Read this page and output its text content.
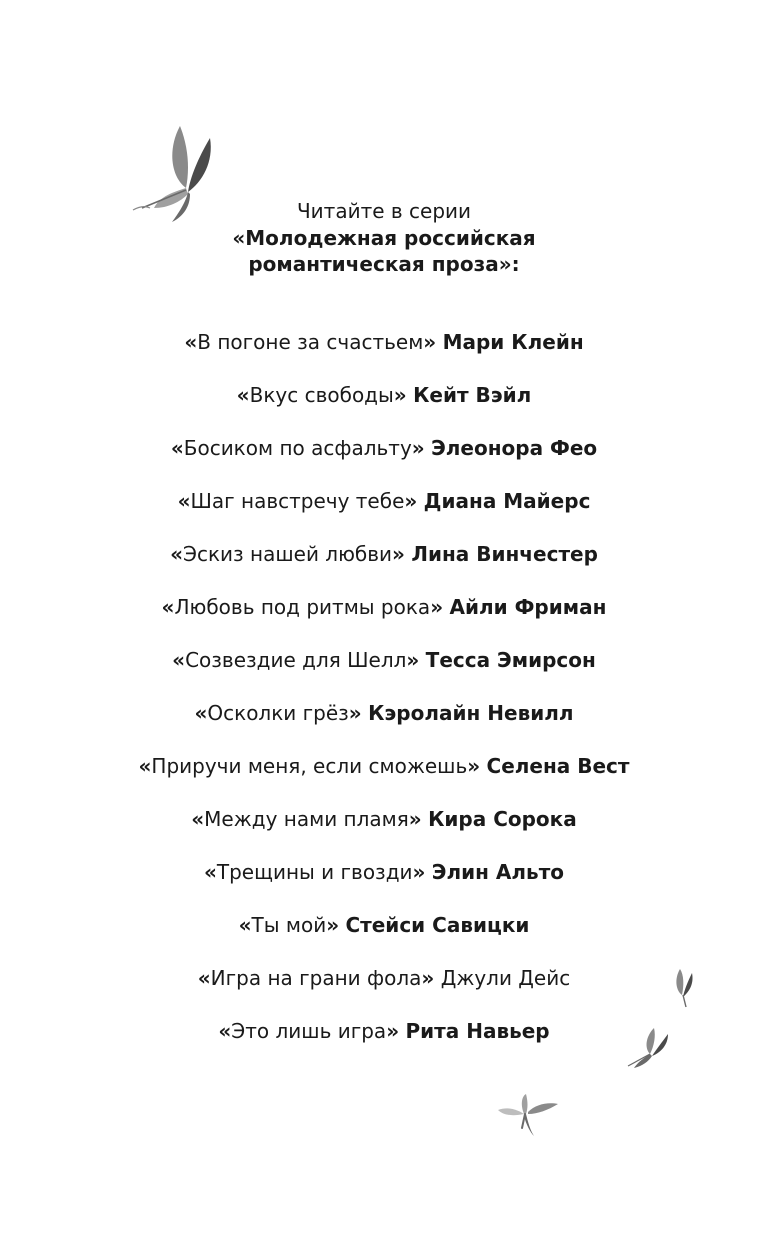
Читайте в серии
«Молодежная российская
романтическая проза»:
«В погоне за счастьем» Мари Клейн
«Вкус свободы» Кейт Вэйл
«Босиком по асфальту» Элеонора Фео
«Шаг навстречу тебе» Диана Майерс
«Эскиз нашей любви» Лина Винчестер
«Любовь под ритмы рока» Айли Фриман
«Созвездие для Шелл» Тесса Эмирсон
«Осколки грёз» Кэролайн Невилл
«Приручи меня, если сможешь» Селена Вест
«Между нами пламя» Кира Сорока
«Трещины и гвозди» Элин Альто
«Ты мой» Стейси Савицки
«Игра на грани фола» Джули Дейс
«Это лишь игра» Рита Навьер
